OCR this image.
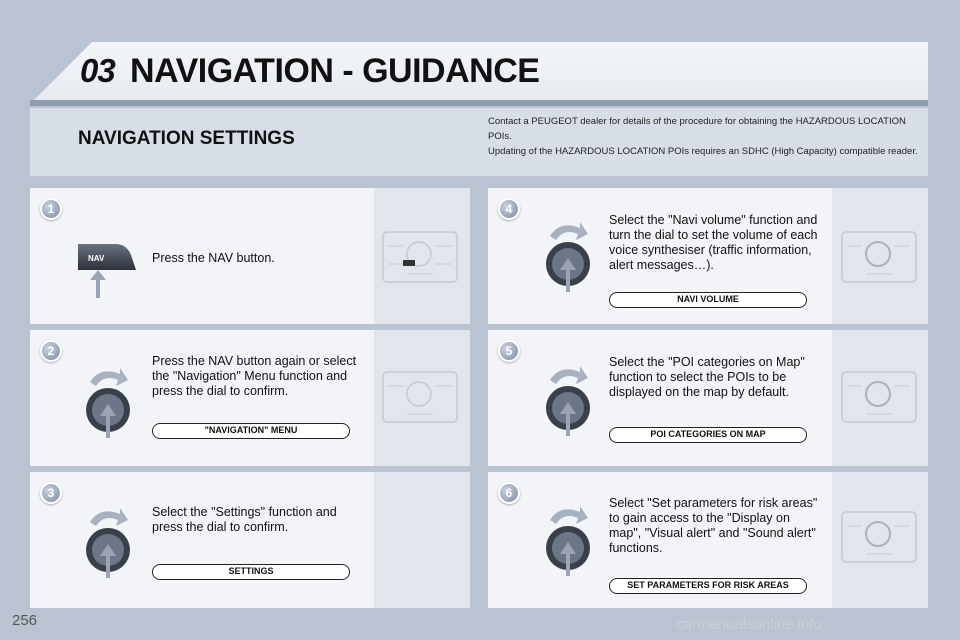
03 NAVIGATION - GUIDANCE
NAVIGATION SETTINGS
Contact a PEUGEOT dealer for details of the procedure for obtaining the HAZARDOUS LOCATION POIs.
Updating of the HAZARDOUS LOCATION POIs requires an SDHC (High Capacity) compatible reader.
1
NAV	Press the NAV button.
2
Press the NAV button again or select the "Navigation" Menu function and press the dial to confirm.
"NAVIGATION" MENU
3
Select the "Settings" function and press the dial to confirm.
SETTINGS
4
Select the "Navi volume" function and turn the dial to set the volume of each voice synthesiser (traffic information, alert messages…).
NAVI VOLUME
5
Select the "POI categories on Map" function to select the POIs to be displayed on the map by default.
POI CATEGORIES ON MAP
6
Select "Set parameters for risk areas" to gain access to the "Display on map", "Visual alert" and "Sound alert" functions.
SET PARAMETERS FOR RISK AREAS
256	carmanualsonline.info
